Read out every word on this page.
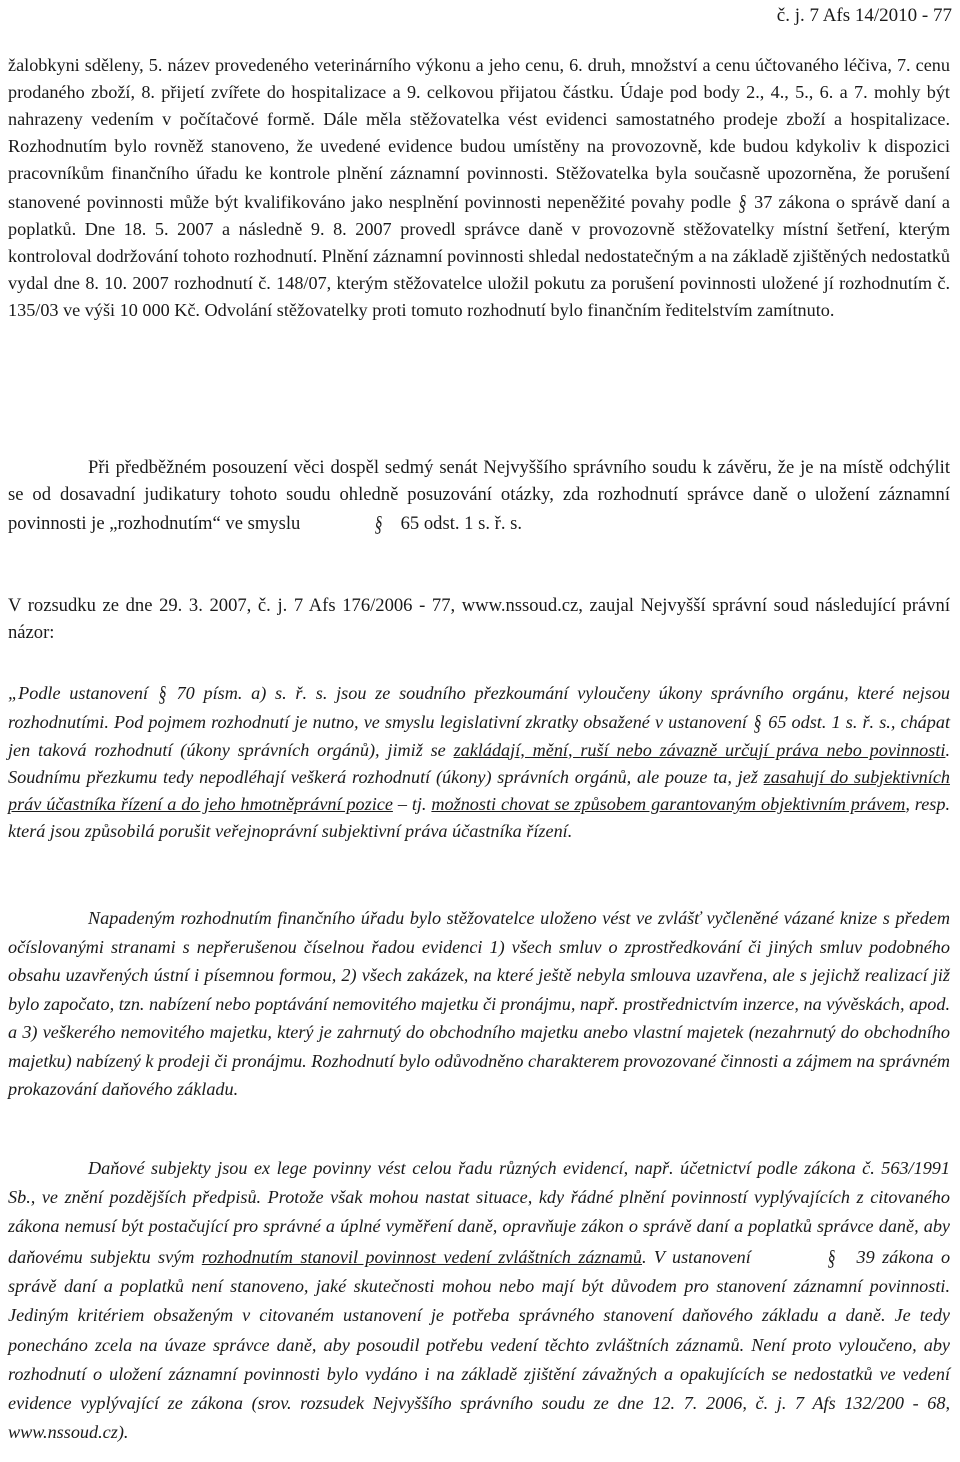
č. j. 7 Afs 14/2010 - 77

žalobkyni sděleny, 5. název provedeného veterinárního výkonu a jeho cenu, 6. druh, množství a cenu účtovaného léčiva, 7. cenu prodaného zboží, 8. přijetí zvířete do hospitalizace a 9. celkovou přijatou částku. Údaje pod body 2., 4., 5., 6. a 7. mohly být nahrazeny vedením v počítačové formě. Dále měla stěžovatelka vést evidenci samostatného prodeje zboží a hospitalizace. Rozhodnutím bylo rovněž stanoveno, že uvedené evidence budou umístěny na provozovně, kde budou kdykoliv k dispozici pracovníkům finančního úřadu ke kontrole plnění záznamní povinnosti. Stěžovatelka byla současně upozorněna, že porušení stanovené povinnosti může být kvalifikováno jako nesplnění povinnosti nepeněžité povahy podle § 37 zákona o správě daní a poplatků. Dne 18. 5. 2007 a následně 9. 8. 2007 provedl správce daně v provozovně stěžovatelky místní šetření, kterým kontroloval dodržování tohoto rozhodnutí. Plnění záznamní povinnosti shledal nedostatečným a na základě zjištěných nedostatků vydal dne 8. 10. 2007 rozhodnutí č. 148/07, kterým stěžovatelce uložil pokutu za porušení povinnosti uložené jí rozhodnutím č. 135/03 ve výši 10 000 Kč. Odvolání stěžovatelky proti tomuto rozhodnutí bylo finančním ředitelstvím zamítnuto.

Při předběžném posouzení věci dospěl sedmý senát Nejvyššího správního soudu k závěru, že je na místě odchýlit se od dosavadní judikatury tohoto soudu ohledně posuzování otázky, zda rozhodnutí správce daně o uložení záznamní povinnosti je „rozhodnutím“ ve smyslu	§ 65 odst. 1 s. ř. s.

V rozsudku ze dne 29. 3. 2007, č. j. 7 Afs 176/2006 - 77, www.nssoud.cz, zaujal Nejvyšší správní soud následující právní názor:

„Podle ustanovení § 70 písm. a) s. ř. s. jsou ze soudního přezkoumání vyloučeny úkony správního orgánu, které nejsou rozhodnutími. Pod pojmem rozhodnutí je nutno, ve smyslu legislativní zkratky obsažené v ustanovení § 65 odst. 1 s. ř. s., chápat jen taková rozhodnutí (úkony správních orgánů), jimiž se zakládají, mění, ruší nebo závazně určují práva nebo povinnosti. Soudnímu přezkumu tedy nepodléhají veškerá rozhodnutí (úkony) správních orgánů, ale pouze ta, jež zasahují do subjektivních práv účastníka řízení a do jeho hmotněprávní pozice – tj. možnosti chovat se způsobem garantovaným objektivním právem, resp. která jsou způsobilá porušit veřejnoprávní subjektivní práva účastníka řízení.

Napadeným rozhodnutím finančního úřadu bylo stěžovatelce uloženo vést ve zvlášť vyčleněné vázané knize s předem očíslovanými stranami s nepřerušenou číselnou řadou evidenci 1) všech smluv o zprostředkování či jiných smluv podobného obsahu uzavřených ústní i písemnou formou, 2) všech zakázek, na které ještě nebyla smlouva uzavřena, ale s jejichž realizací již bylo započato, tzn. nabízení nebo poptávání nemovitého majetku či pronájmu, např. prostřednictvím inzerce, na vývěskách, apod. a 3) veškerého nemovitého majetku, který je zahrnutý do obchodního majetku anebo vlastní majetek (nezahrnutý do obchodního majetku) nabízený k prodeji či pronájmu. Rozhodnutí bylo odůvodněno charakterem provozované činnosti a zájmem na správném prokazování daňového základu.

Daňové subjekty jsou ex lege povinny vést celou řadu různých evidencí, např. účetnictví podle zákona č. 563/1991 Sb., ve znění pozdějších předpisů. Protože však mohou nastat situace, kdy řádné plnění povinností vyplývajících z citovaného zákona nemusí být postačující pro správné a úplné vyměření daně, opravňuje zákon o správě daní a poplatků správce daně, aby daňovému subjektu svým rozhodnutím stanovil povinnost vedení zvláštních záznamů. V ustanovení	§ 39 zákona o správě daní a poplatků není stanoveno, jaké skutečnosti mohou nebo mají být důvodem pro stanovení záznamní povinnosti. Jediným kritériem obsaženým v citovaném ustanovení je potřeba správného stanovení daňového základu a daně. Je tedy ponecháno zcela na úvaze správce daně, aby posoudil potřebu vedení těchto zvláštních záznamů. Není proto vyloučeno, aby rozhodnutí o uložení záznamní povinnosti bylo vydáno i na základě zjištění závažných a opakujících se nedostatků ve vedení evidence vyplývající ze zákona (srov. rozsudek Nejvyššího správního soudu ze dne 12. 7. 2006, č. j. 7 Afs 132/200 - 68, www.nssoud.cz).
